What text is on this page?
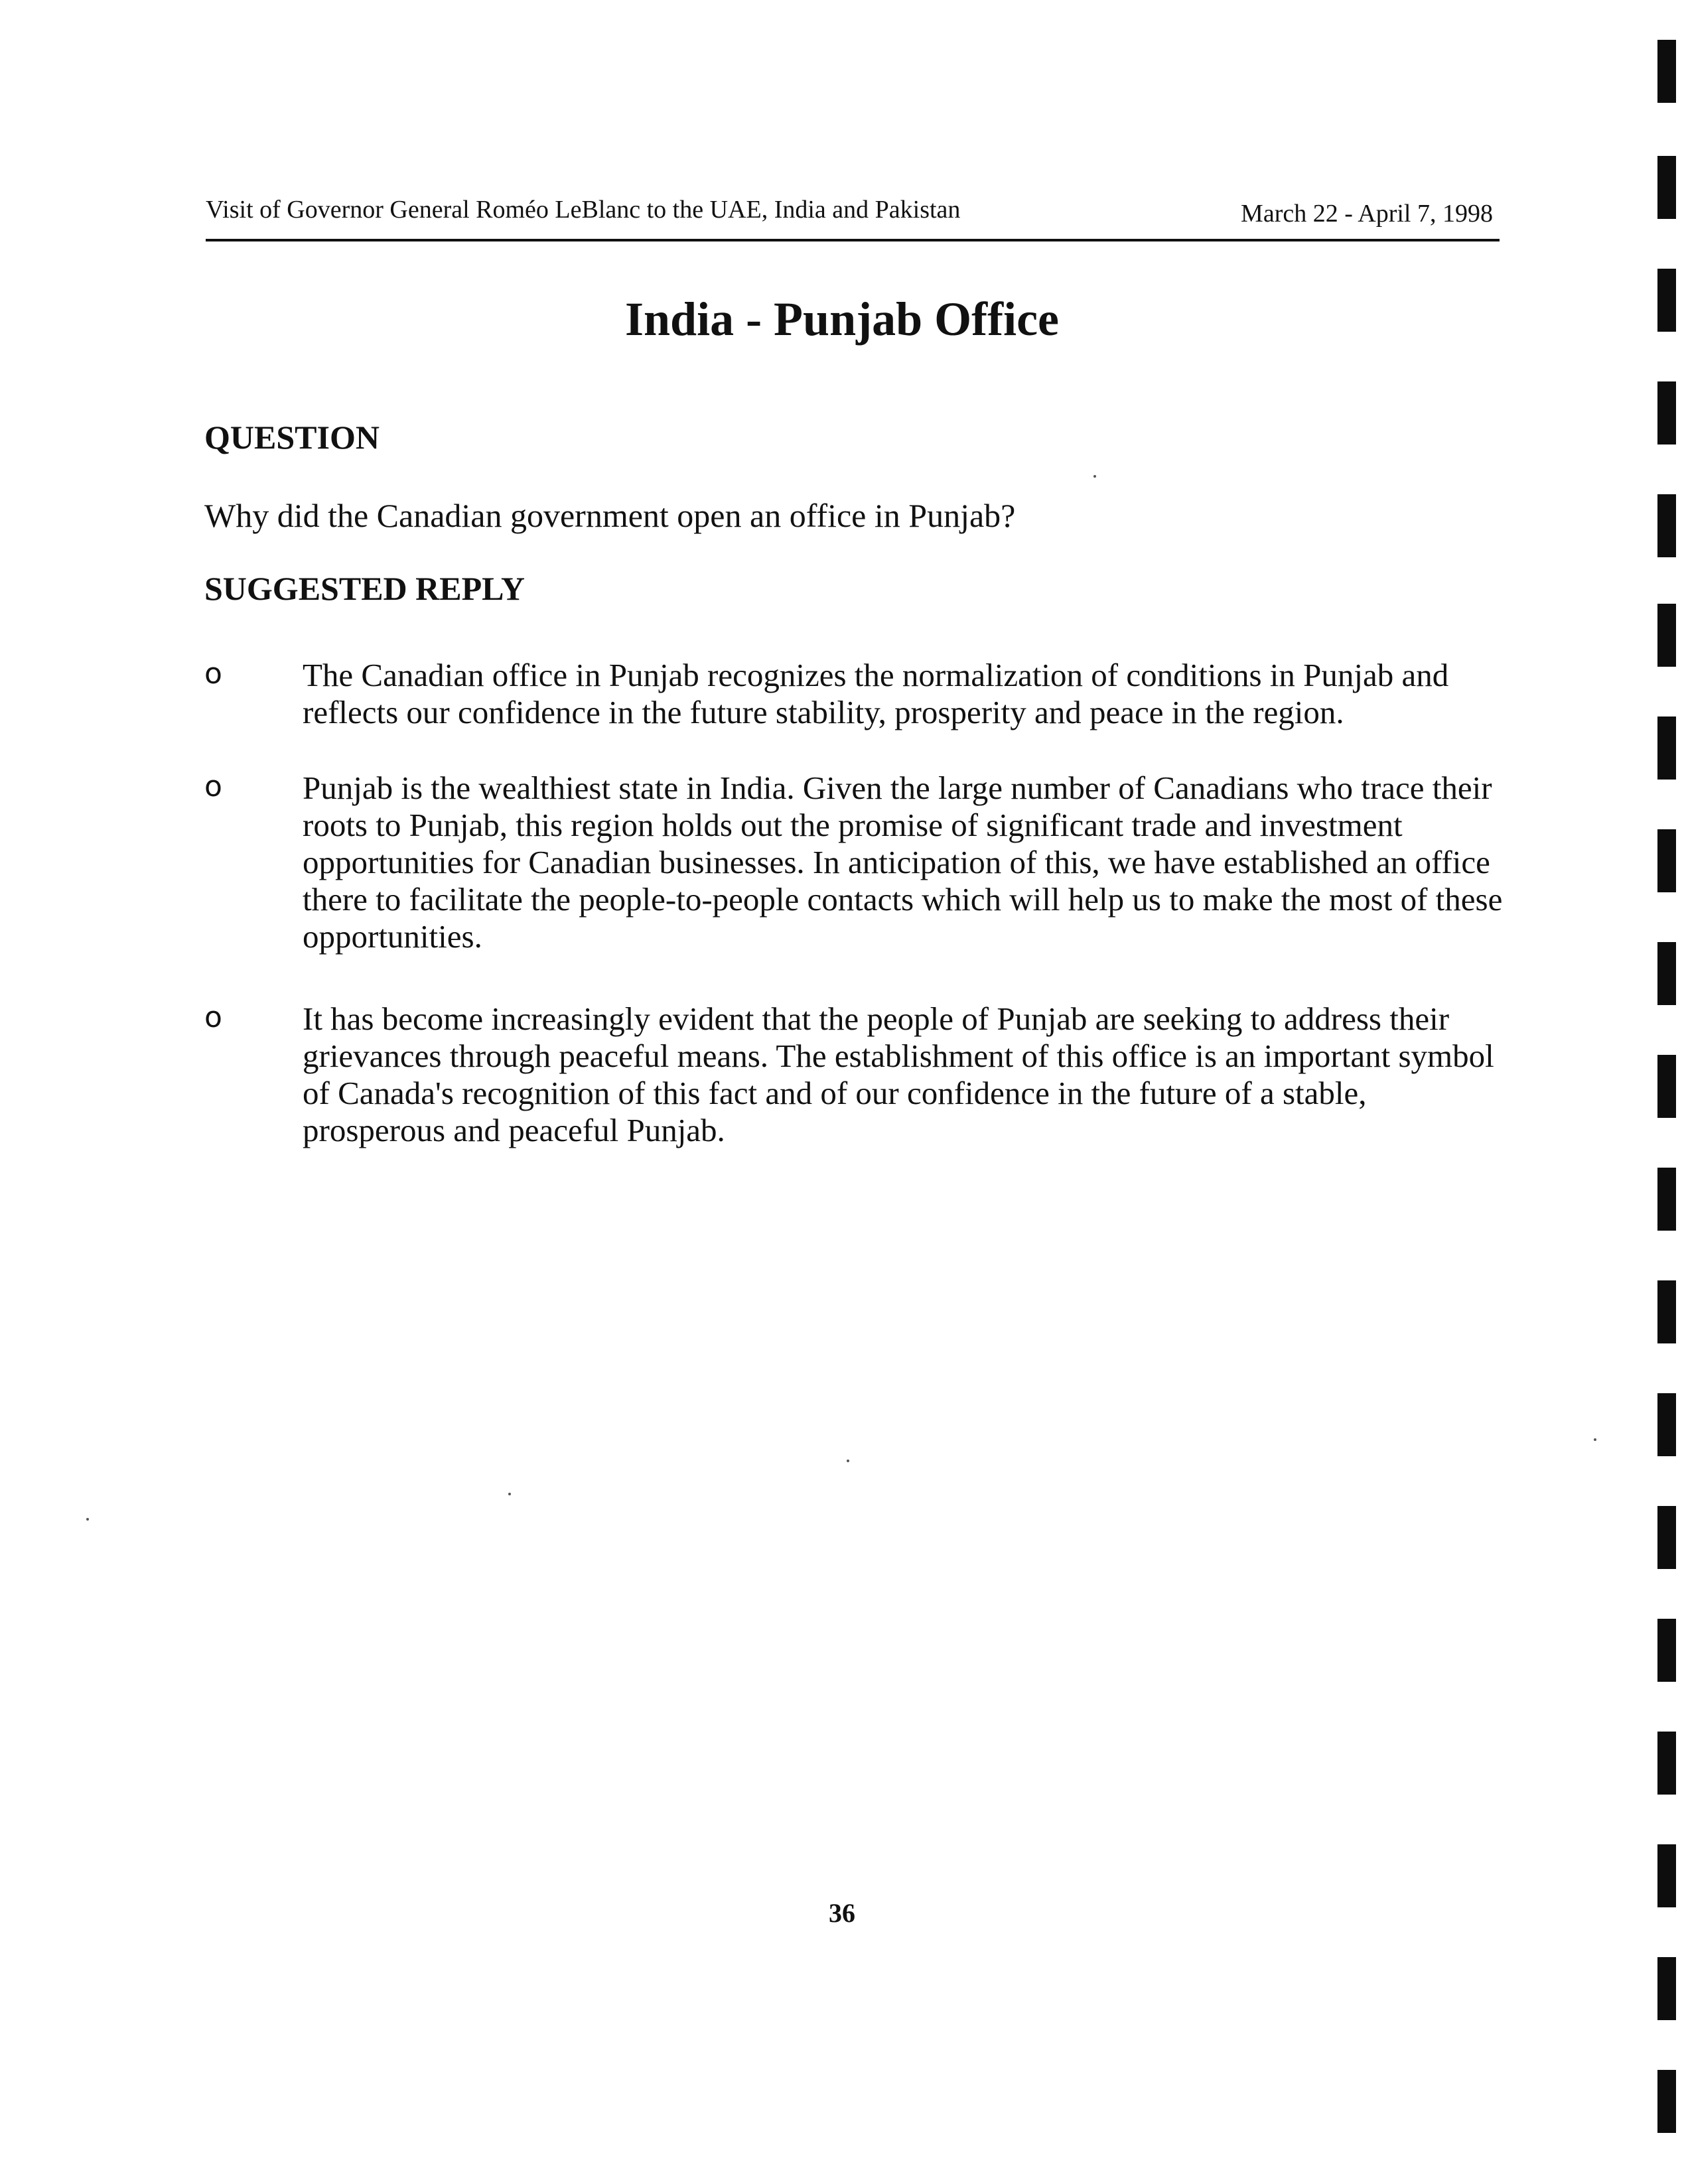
Visit of Governor General Roméo LeBlanc to the UAE, India and Pakistan	March 22 - April 7, 1998
India - Punjab Office
QUESTION
Why did the Canadian government open an office in Punjab?
SUGGESTED REPLY
o The Canadian office in Punjab recognizes the normalization of conditions in Punjab and reflects our confidence in the future stability, prosperity and peace in the region.
o Punjab is the wealthiest state in India. Given the large number of Canadians who trace their roots to Punjab, this region holds out the promise of significant trade and investment opportunities for Canadian businesses. In anticipation of this, we have established an office there to facilitate the people-to-people contacts which will help us to make the most of these opportunities.
o It has become increasingly evident that the people of Punjab are seeking to address their grievances through peaceful means. The establishment of this office is an important symbol of Canada's recognition of this fact and of our confidence in the future of a stable, prosperous and peaceful Punjab.
36
